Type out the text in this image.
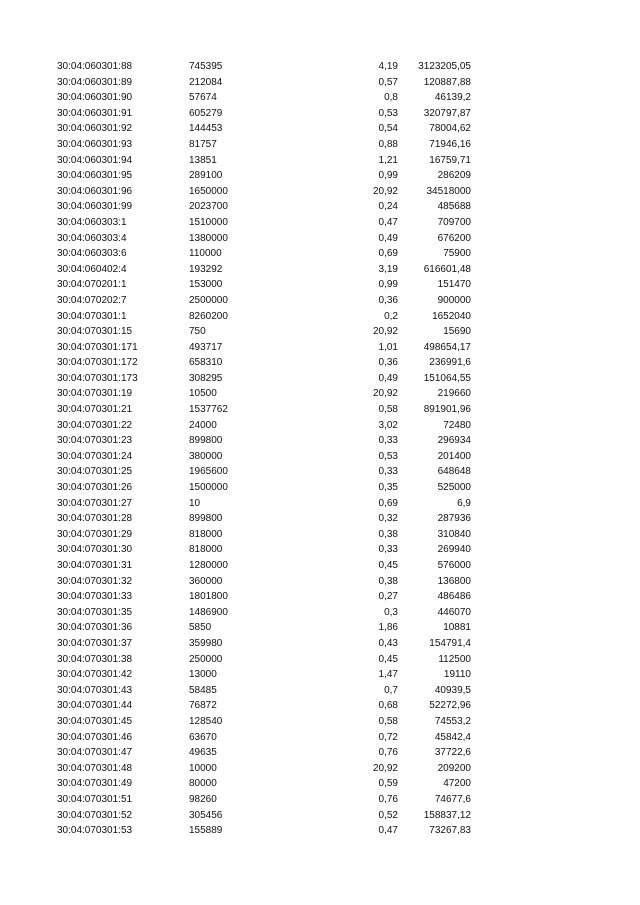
30:04:060301:88	745395	4,19 3123205,05
30:04:060301:89	212084	0,57	120887,88
30:04:060301:90	57674	0,8	46139,2
30:04:060301:91	605279	0,53	320797,87
30:04:060301:92	144453	0,54	78004,62
30:04:060301:93	81757	0,88	71946,16
30:04:060301:94	13851	1,21	16759,71
30:04:060301:95	289100	0,99	286209
30:04:060301:96	1650000	20,92	34518000
30:04:060301:99	2023700	0,24	485688
30:04:060303:1	1510000	0,47	709700
30:04:060303:4	1380000	0,49	676200
30:04:060303:6	110000	0,69	75900
30:04:060402:4	193292	3,19	616601,48
30:04:070201:1	153000	0,99	151470
30:04:070202:7	2500000	0,36	900000
30:04:070301:1	8260200	0,2	1652040
30:04:070301:15	750	20,92	15690
30:04:070301:171	493717	1,01	498654,17
30:04:070301:172	658310	0,36	236991,6
30:04:070301:173	308295	0,49	151064,55
30:04:070301:19	10500	20,92	219660
30:04:070301:21	1537762	0,58	891901,96
30:04:070301:22	24000	3,02	72480
30:04:070301:23	899800	0,33	296934
30:04:070301:24	380000	0,53	201400
30:04:070301:25	1965600	0,33	648648
30:04:070301:26	1500000	0,35	525000
30:04:070301:27	10	0,69	6,9
30:04:070301:28	899800	0,32	287936
30:04:070301:29	818000	0,38	310840
30:04:070301:30	818000	0,33	269940
30:04:070301:31	1280000	0,45	576000
30:04:070301:32	360000	0,38	136800
30:04:070301:33	1801800	0,27	486486
30:04:070301:35	1486900	0,3	446070
30:04:070301:36	5850	1,86	10881
30:04:070301:37	359980	0,43	154791,4
30:04:070301:38	250000	0,45	112500
30:04:070301:42	13000	1,47	19110
30:04:070301:43	58485	0,7	40939,5
30:04:070301:44	76872	0,68	52272,96
30:04:070301:45	128540	0,58	74553,2
30:04:070301:46	63670	0,72	45842,4
30:04:070301:47	49635	0,76	37722,6
30:04:070301:48	10000	20,92	209200
30:04:070301:49	80000	0,59	47200
30:04:070301:51	98260	0,76	74677,6
30:04:070301:52	305456	0,52	158837,12
30:04:070301:53	155889	0,47	73267,83
